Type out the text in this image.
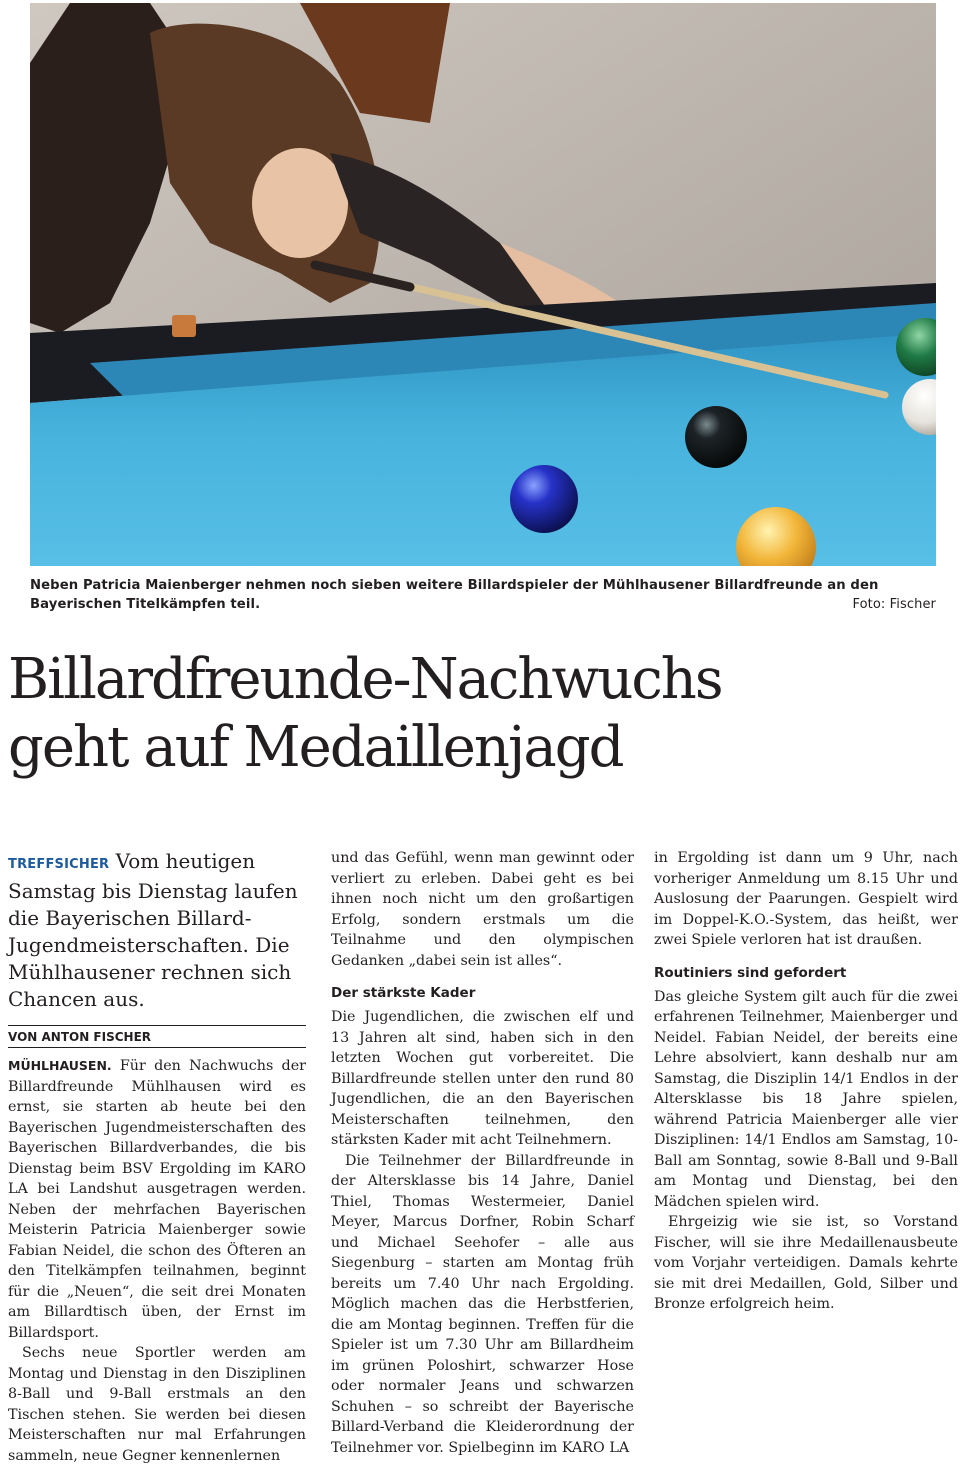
Neben Patricia Maienberger nehmen noch sieben weitere Billardspieler der Mühlhausener Billardfreunde an den Bayerischen Titelkämpfen teil.	Foto: Fischer
Billardfreunde-Nachwuchs
geht auf Medaillenjagd

TREFFSICHER Vom heutigen Samstag bis Dienstag laufen die Bayerischen Billard-Jugendmeisterschaften. Die Mühlhausener rechnen sich Chancen aus.

VON ANTON FISCHER

MÜHLHAUSEN. Für den Nachwuchs der Billardfreunde Mühlhausen wird es ernst, sie starten ab heute bei den Bayerischen Jugendmeisterschaften des Bayerischen Billardverbandes, die bis Dienstag beim BSV Ergolding im KARO LA bei Landshut ausgetragen werden. Neben der mehrfachen Bayerischen Meisterin Patricia Maienberger sowie Fabian Neidel, die schon des Öfteren an den Titelkämpfen teilnahmen, beginnt für die „Neuen“, die seit drei Monaten am Billardtisch üben, der Ernst im Billardsport.

Sechs neue Sportler werden am Montag und Dienstag in den Disziplinen 8-Ball und 9-Ball erstmals an den Tischen stehen. Sie werden bei diesen Meisterschaften nur mal Erfahrungen sammeln, neue Gegner kennenlernen

und das Gefühl, wenn man gewinnt oder verliert zu erleben. Dabei geht es bei ihnen noch nicht um den großartigen Erfolg, sondern erstmals um die Teilnahme und den olympischen Gedanken „dabei sein ist alles“.

Der stärkste Kader

Die Jugendlichen, die zwischen elf und 13 Jahren alt sind, haben sich in den letzten Wochen gut vorbereitet. Die Billardfreunde stellen unter den rund 80 Jugendlichen, die an den Bayerischen Meisterschaften teilnehmen, den stärksten Kader mit acht Teilnehmern.

Die Teilnehmer der Billardfreunde in der Altersklasse bis 14 Jahre, Daniel Thiel, Thomas Westermeier, Daniel Meyer, Marcus Dorfner, Robin Scharf und Michael Seehofer – alle aus Siegenburg – starten am Montag früh bereits um 7.40 Uhr nach Ergolding. Möglich machen das die Herbstferien, die am Montag beginnen. Treffen für die Spieler ist um 7.30 Uhr am Billardheim im grünen Poloshirt, schwarzer Hose oder normaler Jeans und schwarzen Schuhen – so schreibt der Bayerische Billard-Verband die Kleiderordnung der Teilnehmer vor. Spielbeginn im KARO LA

in Ergolding ist dann um 9 Uhr, nach vorheriger Anmeldung um 8.15 Uhr und Auslosung der Paarungen. Gespielt wird im Doppel-K.O.-System, das heißt, wer zwei Spiele verloren hat ist draußen.

Routiniers sind gefordert

Das gleiche System gilt auch für die zwei erfahrenen Teilnehmer, Maienberger und Neidel. Fabian Neidel, der bereits eine Lehre absolviert, kann deshalb nur am Samstag, die Disziplin 14/1 Endlos in der Altersklasse bis 18 Jahre spielen, während Patricia Maienberger alle vier Disziplinen: 14/1 Endlos am Samstag, 10-Ball am Sonntag, sowie 8-Ball und 9-Ball am Montag und Dienstag, bei den Mädchen spielen wird.

Ehrgeizig wie sie ist, so Vorstand Fischer, will sie ihre Medaillenausbeute vom Vorjahr verteidigen. Damals kehrte sie mit drei Medaillen, Gold, Silber und Bronze erfolgreich heim.
